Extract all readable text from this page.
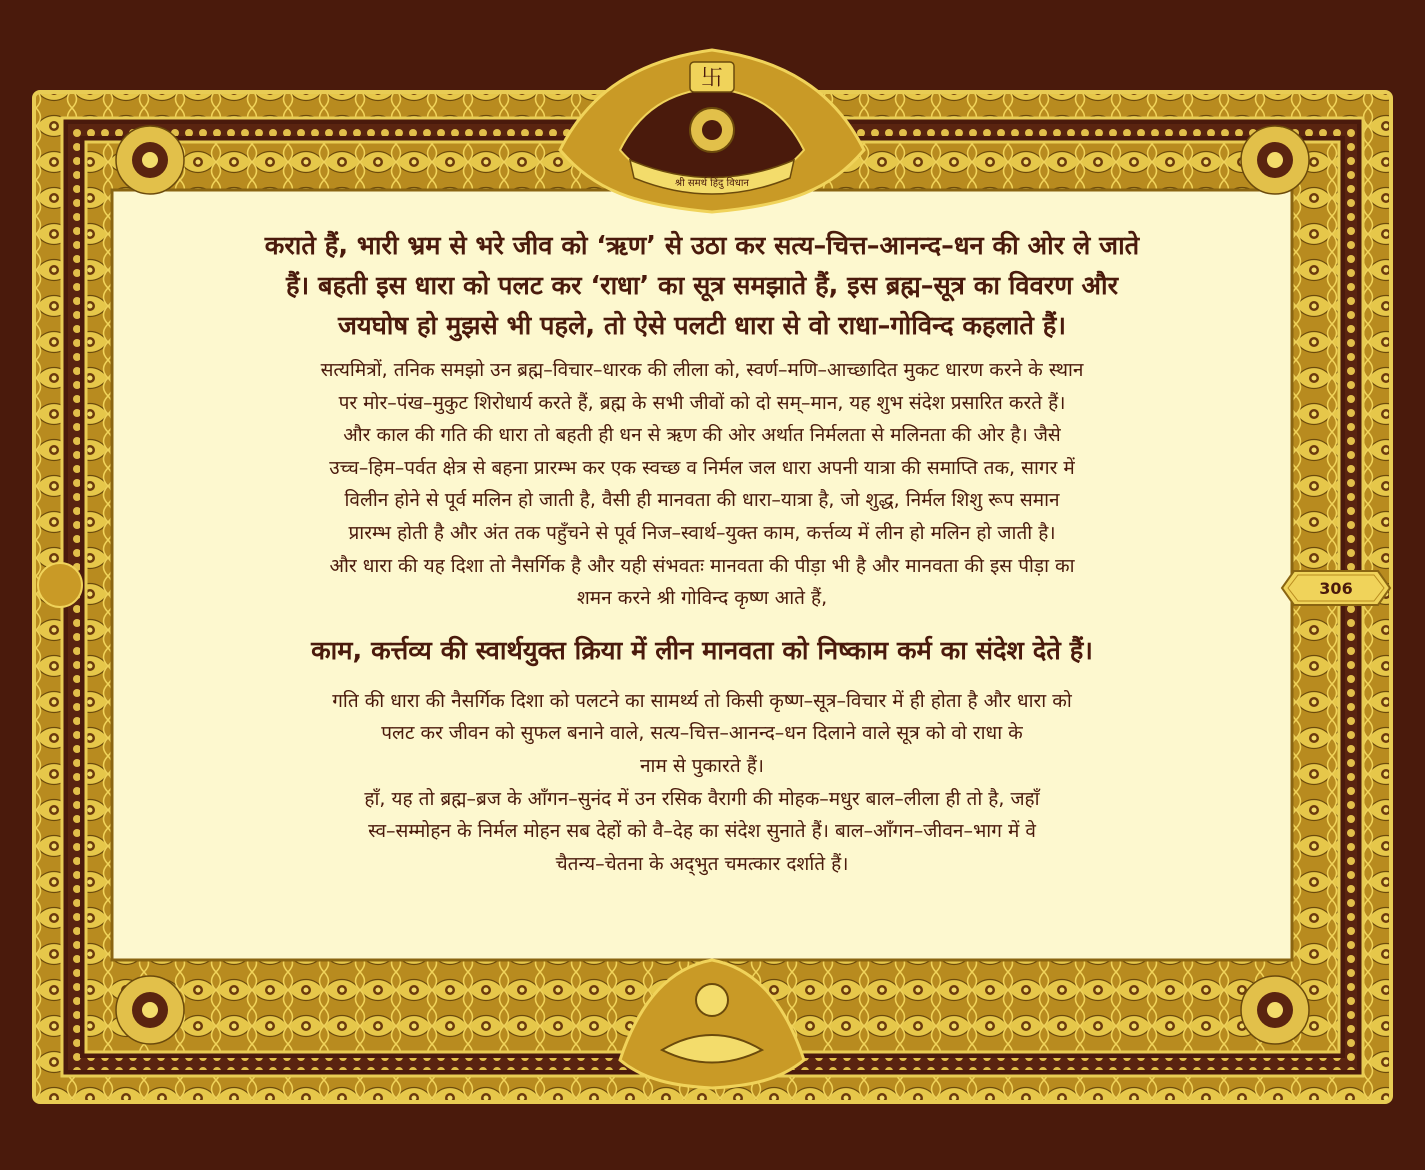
卐
श्री समर्थ हिंदु विधान
कराते हैं, भारी भ्रम से भरे जीव को ‘ऋण’ से उठा कर सत्य–चित्त–आनन्द–धन की ओर ले जाते
हैं। बहती इस धारा को पलट कर ‘राधा’ का सूत्र समझाते हैं, इस ब्रह्म–सूत्र का विवरण और
जयघोष हो मुझसे भी पहले, तो ऐसे पलटी धारा से वो राधा–गोविन्द कहलाते हैं।
सत्यमित्रों, तनिक समझो उन ब्रह्म–विचार–धारक की लीला को, स्वर्ण–मणि–आच्छादित मुकट धारण करने के स्थान
पर मोर–पंख–मुकुट शिरोधार्य करते हैं, ब्रह्म के सभी जीवों को दो सम्–मान, यह शुभ संदेश प्रसारित करते हैं।
और काल की गति की धारा तो बहती ही धन से ऋण की ओर अर्थात निर्मलता से मलिनता की ओर है। जैसे
उच्च–हिम–पर्वत क्षेत्र से बहना प्रारम्भ कर एक स्वच्छ व निर्मल जल धारा अपनी यात्रा की समाप्ति तक, सागर में
विलीन होने से पूर्व मलिन हो जाती है, वैसी ही मानवता की धारा–यात्रा है, जो शुद्ध, निर्मल शिशु रूप समान
प्रारम्भ होती है और अंत तक पहुँचने से पूर्व निज–स्वार्थ–युक्त काम, कर्त्तव्य में लीन हो मलिन हो जाती है।
और धारा की यह दिशा तो नैसर्गिक है और यही संभवतः मानवता की पीड़ा भी है और मानवता की इस पीड़ा का
शमन करने श्री गोविन्द कृष्ण आते हैं,
काम, कर्त्तव्य की स्वार्थयुक्त क्रिया में लीन मानवता को निष्काम कर्म का संदेश देते हैं।
गति की धारा की नैसर्गिक दिशा को पलटने का सामर्थ्य तो किसी कृष्ण–सूत्र–विचार में ही होता है और धारा को
पलट कर जीवन को सुफल बनाने वाले, सत्य–चित्त–आनन्द–धन दिलाने वाले सूत्र को वो राधा के
नाम से पुकारते हैं।
हाँ, यह तो ब्रह्म–ब्रज के आँगन–सुनंद में उन रसिक वैरागी की मोहक–मधुर बाल–लीला ही तो है, जहाँ
स्व–सम्मोहन के निर्मल मोहन सब देहों को वै–देह का संदेश सुनाते हैं। बाल–आँगन–जीवन–भाग में वे
चैतन्य–चेतना के अद्‌भुत चमत्कार दर्शाते हैं।
306
